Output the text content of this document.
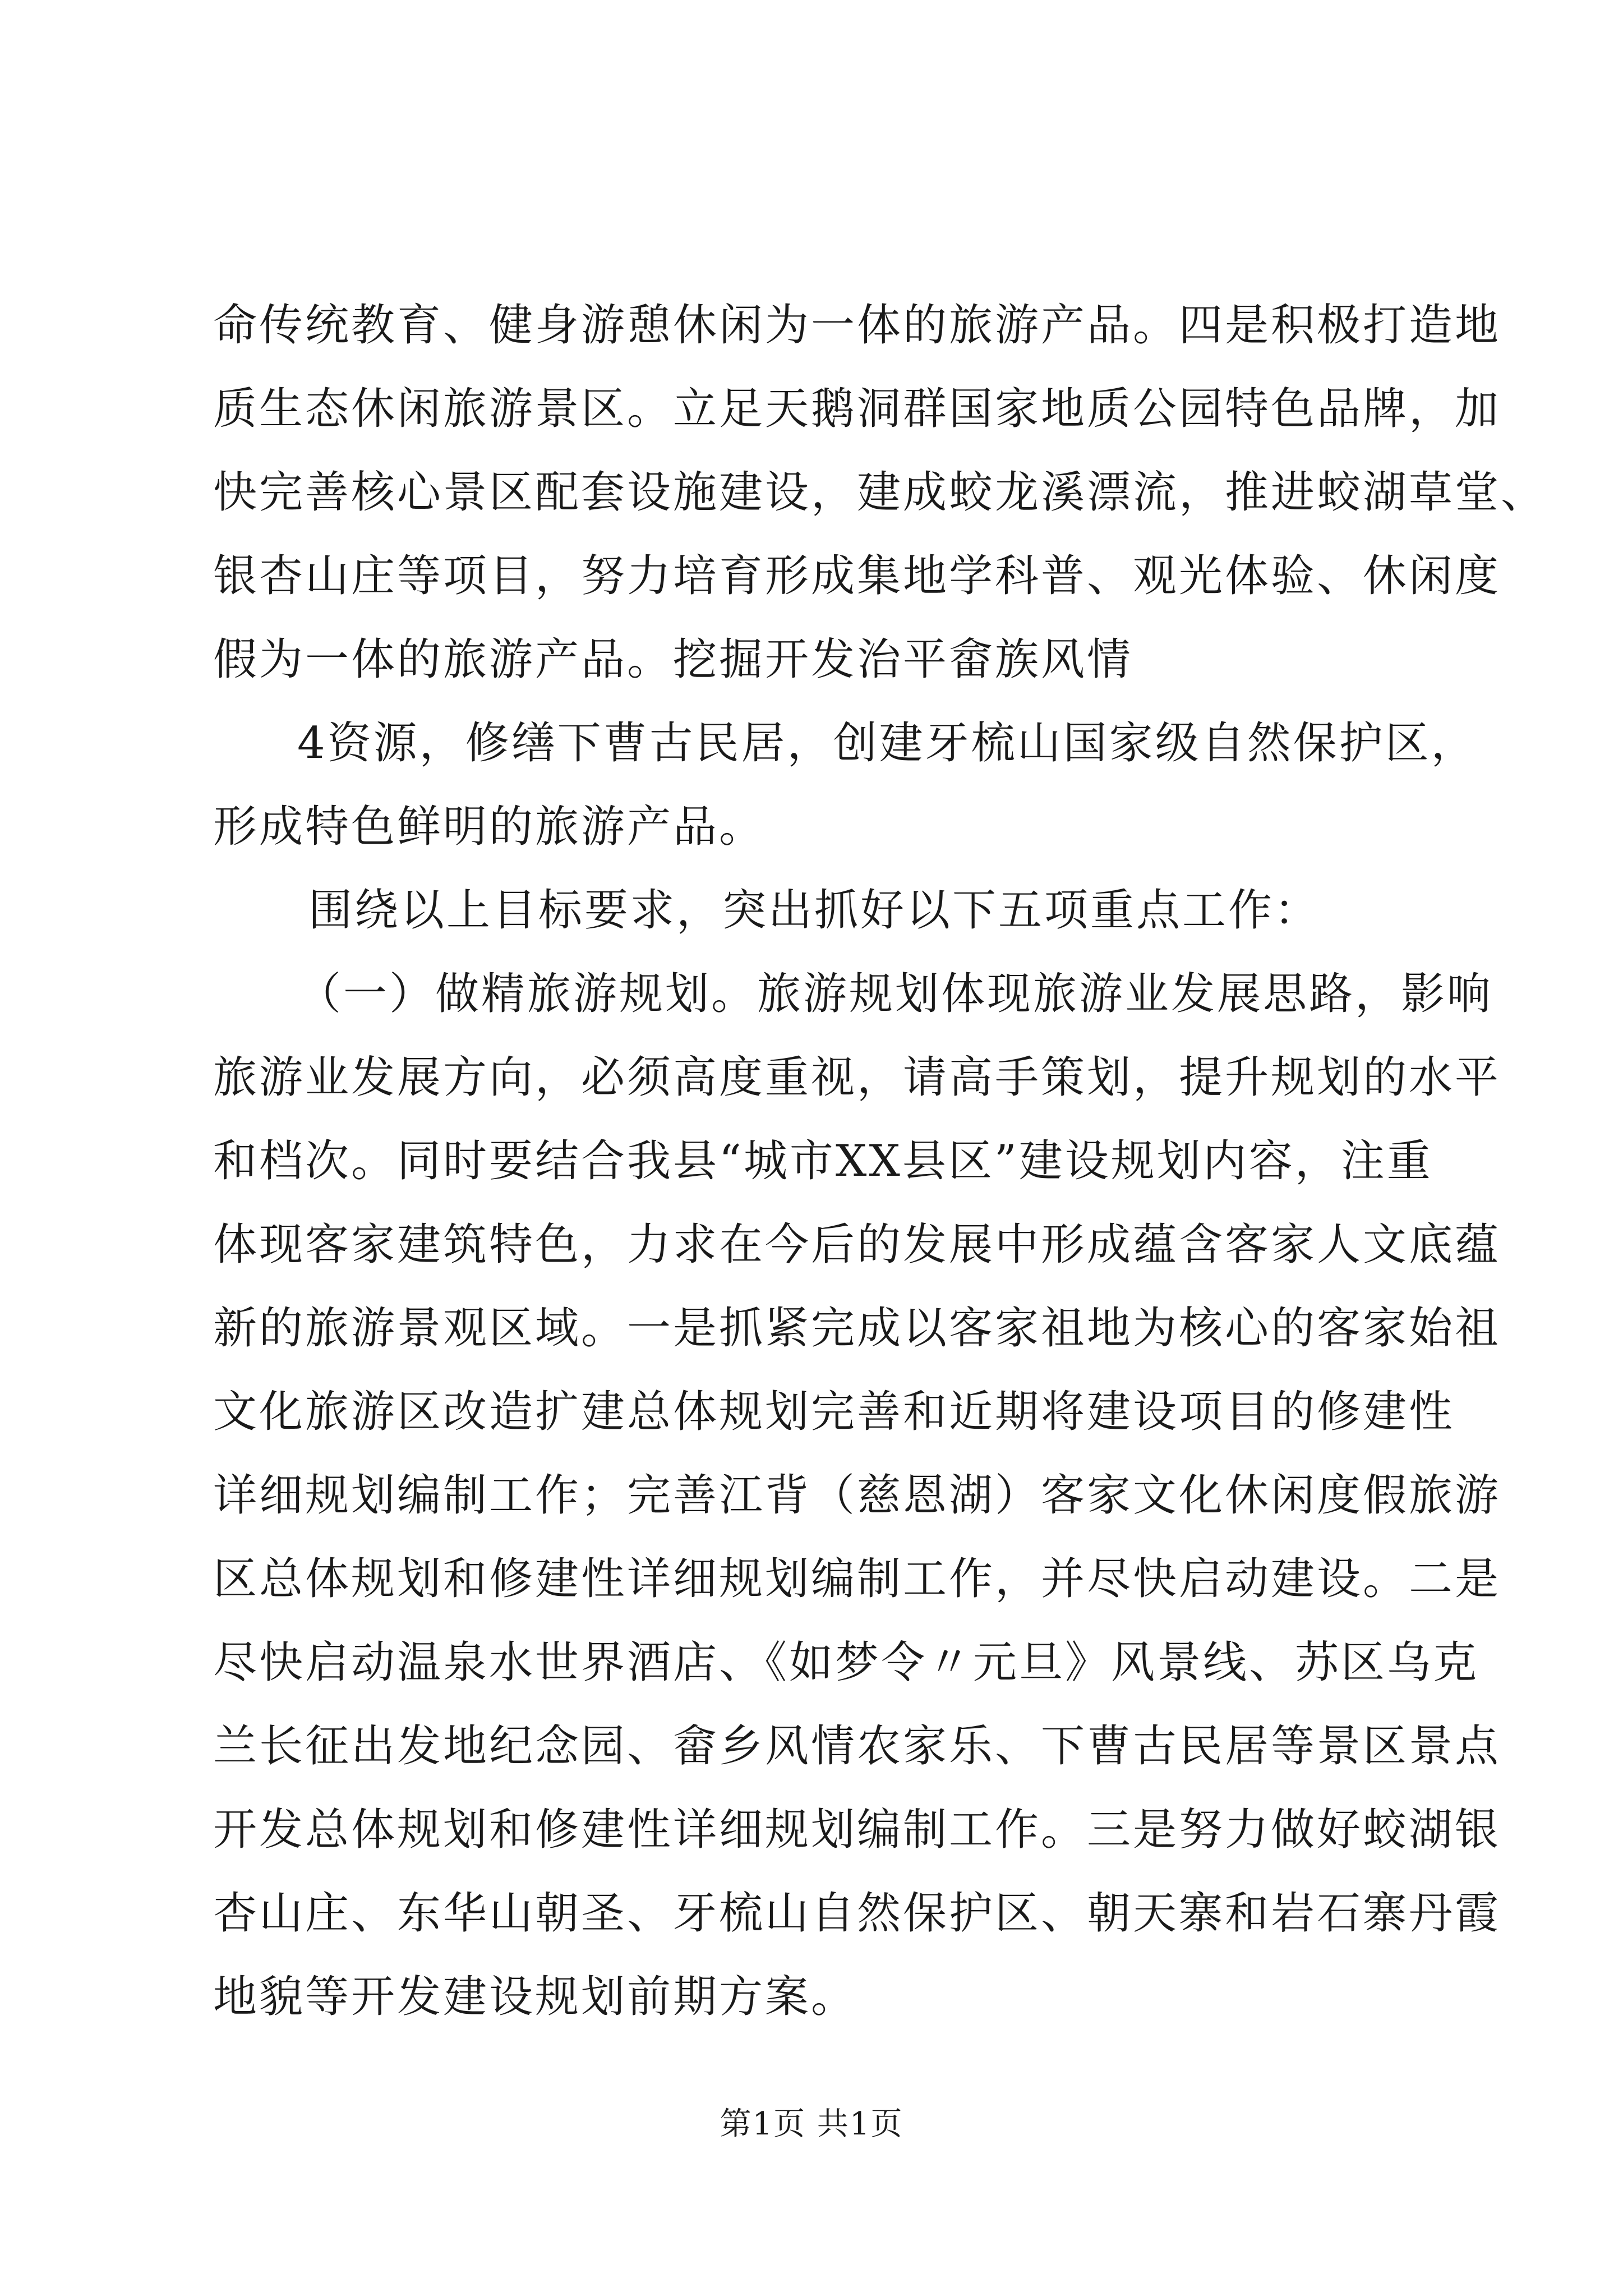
命传统教育、健身游憩休闲为一体的旅游产品。四是积极打造地
质生态休闲旅游景区。立足天鹅洞群国家地质公园特色品牌，加
快完善核心景区配套设施建设，建成蛟龙溪漂流，推进蛟湖草堂、
银杏山庄等项目，努力培育形成集地学科普、观光体验、休闲度
假为一体的旅游产品。挖掘开发治平畲族风情
4资源，修缮下曹古民居，创建牙梳山国家级自然保护区，
形成特色鲜明的旅游产品。
围绕以上目标要求，突出抓好以下五项重点工作：
（一）做精旅游规划。旅游规划体现旅游业发展思路，影响
旅游业发展方向，必须高度重视，请高手策划，提升规划的水平
和档次。同时要结合我县“城市XX县区”建设规划内容，注重
体现客家建筑特色，力求在今后的发展中形成蕴含客家人文底蕴
新的旅游景观区域。一是抓紧完成以客家祖地为核心的客家始祖
文化旅游区改造扩建总体规划完善和近期将建设项目的修建性
详细规划编制工作；完善江背（慈恩湖）客家文化休闲度假旅游
区总体规划和修建性详细规划编制工作，并尽快启动建设。二是
尽快启动温泉水世界酒店、《如梦令〃元旦》风景线、苏区乌克
兰长征出发地纪念园、畲乡风情农家乐、下曹古民居等景区景点
开发总体规划和修建性详细规划编制工作。三是努力做好蛟湖银
杏山庄、东华山朝圣、牙梳山自然保护区、朝天寨和岩石寨丹霞
地貌等开发建设规划前期方案。
第1页 共1页
